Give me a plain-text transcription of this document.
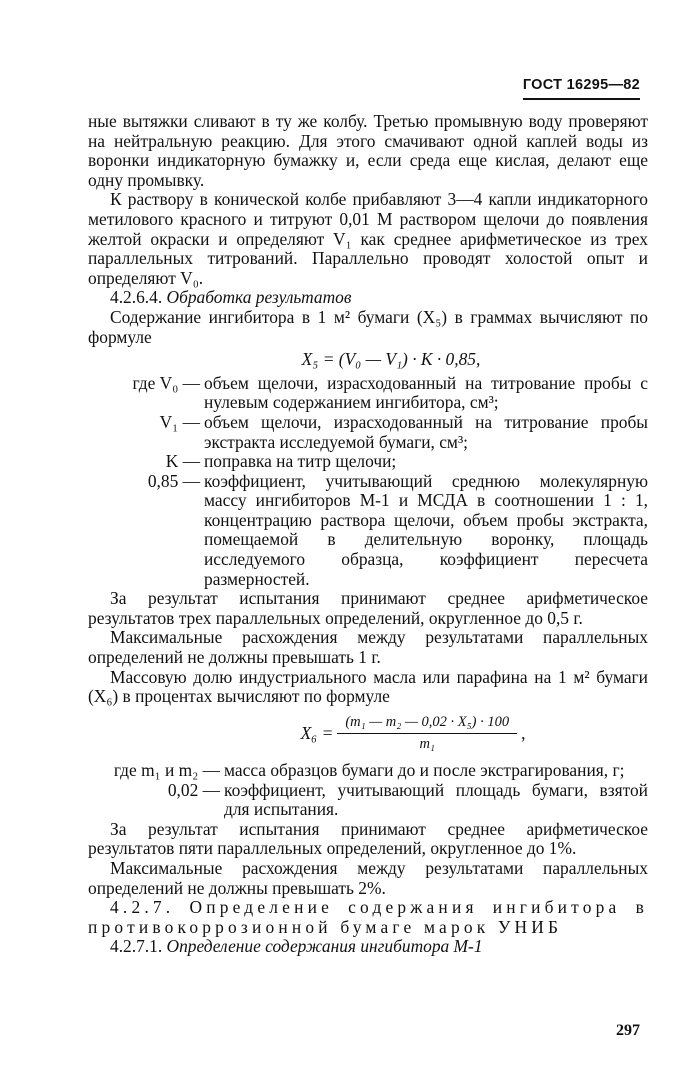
ГОСТ 16295—82

ные вытяжки сливают в ту же колбу. Третью промывную воду проверяют на нейтральную реакцию. Для этого смачивают одной каплей воды из воронки индикаторную бумажку и, если среда еще кислая, делают еще одну промывку.

К раствору в конической колбе прибавляют 3—4 капли индикаторного метилового красного и титруют 0,01 М раствором щелочи до появления желтой окраски и определяют V₁ как среднее арифметическое из трех параллельных титрований. Параллельно проводят холостой опыт и определяют V₀.

4.2.6.4. Обработка результатов

Содержание ингибитора в 1 м² бумаги (X₅) в граммах вычисляют по формуле

X₅ = (V₀ — V₁) · K · 0,85,
где V₀ — объем щелочи, израсходованный на титрование пробы с нулевым содержанием ингибитора, см³;
V₁ — объем щелочи, израсходованный на титрование пробы экстракта исследуемой бумаги, см³;
K — поправка на титр щелочи;
0,85 — коэффициент, учитывающий среднюю молекулярную массу ингибиторов М-1 и МСДА в соотношении 1 : 1, концентрацию раствора щелочи, объем пробы экстракта, помещаемой в делительную воронку, площадь исследуемого образца, коэффициент пересчета размерностей.

За результат испытания принимают среднее арифметическое результатов трех параллельных определений, округленное до 0,5 г.

Максимальные расхождения между результатами параллельных определений не должны превышать 1 г.

Массовую долю индустриального масла или парафина на 1 м² бумаги (X₆) в процентах вычисляют по формуле

$X_6 = \frac{\text{(m₁ — m₂ — 0,02 · X₅) · 100}}{\text{m₁}}$ ,
где m₁ и m₂ — масса образцов бумаги до и после экстрагирования, г;
0,02 — коэффициент, учитывающий площадь бумаги, взятой для испытания.

За результат испытания принимают среднее арифметическое результатов пяти параллельных определений, округленное до 1%.

Максимальные расхождения между результатами параллельных определений не должны превышать 2%.

4.2.7. Определение содержания ингибитора в противокоррозионной бумаге марок УНИБ

4.2.7.1. Определение содержания ингибитора М-1

297
